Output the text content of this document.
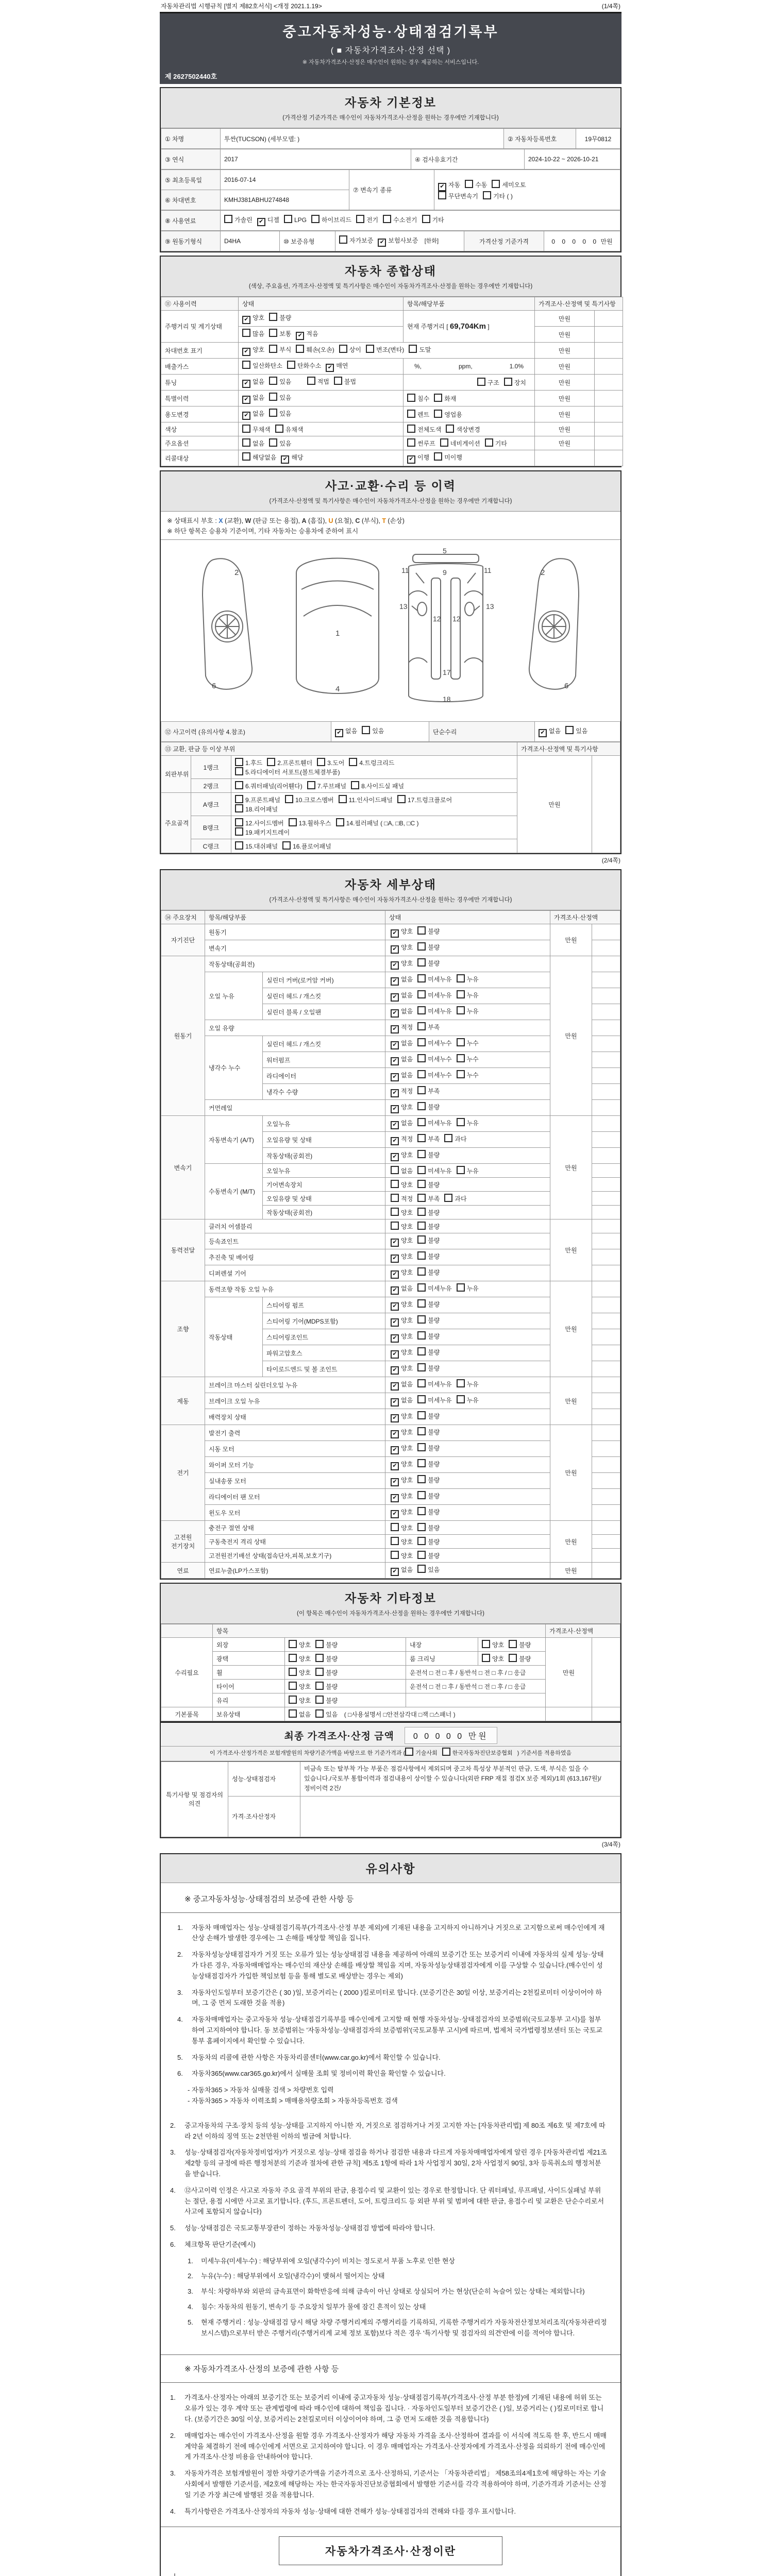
자동차관리법 시행규칙 [별지 제82호서식] <개정 2021.1.19>	(1/4쪽)
중고자동차성능·상태점검기록부
( ■ 자동차가격조사·산정 선택 )
※ 자동차가격조사·산정은 매수인이 원하는 경우 제공하는 서비스입니다.
제 2627502440호
자동차 기본정보
(가격산정 기준가격은 매수인이 자동차가격조사·산정을 원하는 경우에만 기재합니다)
① 차명	투싼(TUCSON) (세부모델: )	② 자동차등록번호	19무0812
③ 연식	2017	④ 검사유효기간	2024-10-22 ~ 2026-10-21
⑤ 최초등록일	2016-07-14	⑦ 변속기 종류	✔ 자동 수동 세미오토
무단변속기 기타 ( )

⑥ 차대번호	KMHJ381ABHU274848		
⑧ 사용연료	가솔린 ✔ 디젤 LPG 하이브리드 전기 수소전기 기타
⑨ 원동기형식	D4HA	⑩ 보증유형	자가보증 ✔ 보험사보증 [한화]	가격산정 기준가격	0 0 0 0 0 만원
자동차 종합상태
(색상, 주요옵션, 가격조사·산정액 및 특기사항은 매수인이 자동차가격조사·산정을 원하는 경우에만 기재합니다)
⑪ 사용이력	상태	항목/해당부품	가격조사·산정액 및 특기사항	
주행거리 및 계기상태	✔ 양호 불량	현재 주행거리 [ 69,704Km ]	만원	
	많음 보통 ✔ 적음		만원	
차대번호 표기	✔ 양호 부식 훼손(오손) 상이 변조(변타) 도말		만원	
배출가스	일산화탄소 탄화수소 ✔ 매연	%, ppm, 1.0%	만원	
튜닝	✔ 없음 있음 적법 불법	구조 장치	만원	
특별이력	✔ 없음 있음	침수 화재	만원	
용도변경	✔ 없음 있음	렌트 영업용	만원	
색상	무채색 유채색	전체도색 색상변경	만원	
주요옵션	없음 있음	썬루프 네비게이션 기타	만원	
리콜대상	해당없음 ✔ 해당	✔ 이행 미이행		
사고·교환·수리 등 이력
(가격조사·산정액 및 특기사항은 매수인이 자동차가격조사·산정을 원하는 경우에만 기재합니다)
※ 상태표시 부호 : X (교환), W (판금 또는 용접), A (흠집), U (요철), C (부식), T (손상)
※ 하단 항목은 승용차 기준이며, 기타 자동차는 승용차에 준하여 표시
2
6
1
4
5
9
11	11
13	13
12 12
17
18
2
6
⑫ 사고이력 (유의사항 4.참조)	✔ 없음 있음	단순수리	✔ 없음 있음
⑬ 교환, 판금 등 이상 부위			가격조사·산정액 및 특기사항	
외판부위	1랭크	1.후드 2.프론트휀더 3.도어 4.트렁크리드
5.라디에이터 서포트(볼트체결부품)	만원	
	2랭크	6.쿼터패널(리어휀다) 7.루브패널 8.사이드실 패널		
주요골격	A랭크	9.프론트패널 10.크로스멤버 11.인사이드패널 17.트렁크플로어
18.리어패널		

	B랭크	12.사이드멤버 13.휠하우스 14.필러패널 ( □A, □B, □C )
19.패키지트레이		

	C랭크	15.대쉬패널 16.플로어패널		
(2/4쪽)
자동차 세부상태
(가격조사·산정액 및 특기사항은 매수인이 자동차가격조사·산정을 원하는 경우에만 기재합니다)
⑭ 주요장치	항목/해당부품		상태	가격조사·산정액	
자기진단	원동기		✔ 양호 불량	만원	
	변속기		✔ 양호 불량		
원동기	작동상태(공회전)		✔ 양호 불량	만원	
	오일 누유	실린더 커버(로커암 커버)	✔ 없음 미세누유 누유		
		실린더 헤드 / 개스킷	✔ 없음 미세누유 누유		
		실린더 블록 / 오일팬	✔ 없음 미세누유 누유		
	오일 유량		✔ 적정 부족		
	냉각수 누수	실린더 헤드 / 개스킷	✔ 없음 미세누수 누수		
		워터펌프	✔ 없음 미세누수 누수		
		라디에이터	✔ 없음 미세누수 누수		
		냉각수 수량	✔ 적정 부족		
	커먼레일		✔ 양호 불량		
변속기	자동변속기 (A/T)	오일누유	✔ 없음 미세누유 누유	만원	
		오일유량 및 상태	✔ 적정 부족 과다		
		작동상태(공회전)	✔ 양호 불량		
	수동변속기 (M/T)	오일누유	없음 미세누유 누유		
		기어변속장치	양호 불량		
		오일유량 및 상태	적정 부족 과다		
		작동상태(공회전)	양호 불량		
동력전달	클러치 어셈블리		양호 불량	만원	
	등속죠인트		✔ 양호 불량		
	추진축 및 베어링		✔ 양호 불량		
	디퍼렌셜 기어		✔ 양호 불량		
조향	동력조향 작동 오일 누유		✔ 없음 미세누유 누유	만원	
	작동상태	스티어링 펌프	✔ 양호 불량		
		스티어링 기어(MDPS포함)	✔ 양호 불량		
		스티어링조인트	✔ 양호 불량		
		파워고압호스	✔ 양호 불량		
		타이로드엔드 및 볼 조인트	✔ 양호 불량		
제동	브레이크 마스터 실린더오일 누유		✔ 없음 미세누유 누유	만원	
	브레이크 오일 누유		✔ 없음 미세누유 누유		
	배력장치 상태		✔ 양호 불량		
전기	발전기 출력		✔ 양호 불량	만원	
	시동 모터		✔ 양호 불량		
	와이퍼 모터 기능		✔ 양호 불량		
	실내송풍 모터		✔ 양호 불량		
	라디에이터 팬 모터		✔ 양호 불량		
	윈도우 모터		✔ 양호 불량		
고전원 전기장치	충전구 절연 상태		양호 불량	만원	
	구동축전지 격리 상태		양호 불량		
	고전원전기배선 상태(접속단자,피복,보호기구)		양호 불량		
연료	연료누출(LP가스포함)		✔ 없음 있음	만원	
자동차 기타정보
(이 항목은 매수인이 자동차가격조사·산정을 원하는 경우에만 기재합니다)
	항목				가격조사·산정액	
수리필요	외장	양호 불량	내장	양호 불량	만원	
	광택	양호 불량	룸 크리닝	양호 불량		
	휠	양호 불량	운전석 □ 전 □ 후 / 동반석 □ 전 □ 후 / □ 응급			
	타이어	양호 불량	운전석 □ 전 □ 후 / 동반석 □ 전 □ 후 / □ 응급			
	유리	양호 불량				
기본품목	보유상태	없음 있음 ( □사용설명서 □안전삼각대 □잭 □스패너 )				
최종 가격조사·산정 금액	0 0 0 0 0 만원
이 가격조사·산정가격은 보험개발원의 차량기준가액을 바탕으로 한 기준가격과 ( 기술사회	한국자동차진단보증협회 ) 기준서를 적용하였음
특기사항 및 점검자의 의견	성능·상태점검자	비금속 또는 탈부착 가능 부품은 점검사항에서 제외되며 중고차 특성상 부분적인 판금, 도색, 부식은 있을 수 있습니다./국토부 통합이력과 점검내용이 상이할 수 있습니다(외판 FRP 재질 점검X 보증 제외)/1회 (613,167원)/정비이력 2건/
	가격·조사산정자	
(3/4쪽)
유의사항
※ 중고자동차성능·상태점검의 보증에 관한 사항 등
1.	자동차 매매업자는 성능·상태점검기록부(가격조사·산정 부분 제외)에 기재된 내용을 고지하지 아니하거나 거짓으로 고지함으로써 매수인에게 재산상 손해가 발생한 경우에는 그 손해를 배상할 책임을 집니다.
2.	자동차성능상태점검자가 거짓 또는 오류가 있는 성능상태점검 내용을 제공하여 아래의 보증기간 또는 보증거리 이내에 자동차의 실제 성능·상태가 다른 경우, 자동차매매업자는 매수인의 재산상 손해를 배상할 책임을 지며, 자동차성능상태점검자에게 이를 구상할 수 있습니다.(매수인이 성능상태점검자가 가입한 책임보험 등을 통해 별도로 배상받는 경우는 제외)
3.	자동차인도일부터 보증기간은 ( 30 )일, 보증거리는 ( 2000 )킬로미터로 합니다. (보증기간은 30일 이상, 보증거리는 2천킬로미터 이상이어야 하며, 그 중 먼저 도래한 것을 적용)
4.	자동차매매업자는 중고자동차 성능·상태점검기록부를 매수인에게 고지할 때 현행 자동차성능·상태점검자의 보증범위(국토교통부 고시)를 첨부하여 고지하여야 합니다. 동 보증범위는 '자동차성능·상태점검자의 보증범위'(국토교통부 고시)에 따르며, 법제처 국가법령정보센터 또는 국토교통부 홈페이지에서 확인할 수 있습니다.
5.	자동차의 리콜에 관한 사항은 자동차리콜센터(www.car.go.kr)에서 확인할 수 있습니다.
6.	자동차365(www.car365.go.kr)에서 실매물 조회 및 정비이력 확인을 확인할 수 있습니다.
- 자동차365 > 자동차 실매물 검색 > 차량번호 입력
- 자동차365 > 자동차 이력조회 > 매매용차량조회 > 자동차등록번호 검색
2.	중고자동차의 구조·장치 등의 성능·상태를 고지하지 아니한 자, 거짓으로 점검하거나 거짓 고지한 자는 [자동차관리법] 제 80조 제6호 및 제7호에 따라 2년 이하의 징역 또는 2천만원 이하의 벌금에 처합니다.
3.	성능·상태점검자(자동차정비업자)가 거짓으로 성능·상태 점검을 하거나 점검한 내용과 다르게 자동차매매업자에게 알린 경우 [자동차관리법 제21조 제2항 등의 규정에 따른 행정처분의 기준과 절차에 관한 규칙] 제5조 1항에 따라 1차 사업정지 30일, 2차 사업정지 90일, 3차 등록취소의 행정처분을 받습니다.
4.	⑫사고이력 인정은 사고로 자동차 주요 골격 부위의 판금, 용접수리 및 교환이 있는 경우로 한정합니다. 단 쿼터패널, 루프패널, 사이드실패널 부위는 절단, 용접 시에만 사고로 표기합니다. (후드, 프론트펜더, 도어, 트렁크리드 등 외판 부위 및 범퍼에 대한 판금, 용접수리 및 교환은 단순수리로서 사고에 포함되지 않습니다)
5.	성능·상태점검은 국토교통부장관이 정하는 자동차성능·상태점검 방법에 따라야 합니다.
6.	체크항목 판단기준(예시)
1.	미세누유(미세누수) : 해당부위에 오일(냉각수)이 비치는 정도로서 부품 노후로 인한 현상
2.	누유(누수) : 해당부위에서 오일(냉각수)이 맺혀서 떨어지는 상태
3.	부식: 차량하부와 외판의 금속표면이 화학반응에 의해 금속이 아닌 상태로 상실되어 가는 현상(단순히 녹슬어 있는 상태는 제외합니다)
4.	침수: 자동차의 원동기, 변속기 등 주요장치 일부가 물에 잠긴 흔적이 있는 상태
5.	현재 주행거리 : 성능·상태점검 당시 해당 차량 주행거리계의 주행거리를 기록하되, 기록한 주행거리가 자동차전산정보처리조직(자동차관리정보시스템)으로부터 받은 주행거리(주행거리계 교체 정보 포함)보다 적은 경우 '특기사항 및 점검자의 의견'란에 이를 적어야 합니다.
※ 자동차가격조사·산정의 보증에 관한 사항 등
1.	가격조사·산정자는 아래의 보증기간 또는 보증거리 이내에 중고자동차 성능·상태점검기록부(가격조사·산정 부분 한정)에 기재된 내용에 허위 또는 오류가 있는 경우 계약 또는 관계법령에 따라 매수인에 대하여 책임을 집니다. · 자동차인도일부터 보증기간은 ( )일, 보증거리는 ( )킬로미터로 합니다. (보증기간은 30일 이상, 보증거리는 2천킬로미터 이상이어야 하며, 그 중 먼저 도래한 것을 적용합니다)
2.	매매업자는 매수인이 가격조사·산정을 원할 경우 가격조사·산정자가 해당 자동차 가격을 조사·산정하여 결과를 이 서식에 적도록 한 후, 반드시 매매계약을 체결하기 전에 매수인에게 서면으로 고지하여야 합니다. 이 경우 매매업자는 가격조사·산정자에게 가격조사·산정을 의뢰하기 전에 매수인에게 가격조사·산정 비용을 안내하여야 합니다.
3.	자동차가격은 보험개발원이 정한 차량기준가액을 기준가격으로 조사·산정하되, 기준서는 「자동차관리법」 제58조의4제1호에 해당하는 자는 기술사회에서 발행한 기준서를, 제2호에 해당하는 자는 한국자동차진단보증협회에서 발행한 기준서를 각각 적용하여야 하며, 기준가격과 기준서는 산정일 기준 가장 최근에 발행된 것을 적용합니다.
4.	특기사항란은 가격조사·산정자의 자동차 성능·상태에 대한 견해가 성능·상태점검자의 견해와 다를 경우 표시합니다.
자동차가격조사·산정이란
